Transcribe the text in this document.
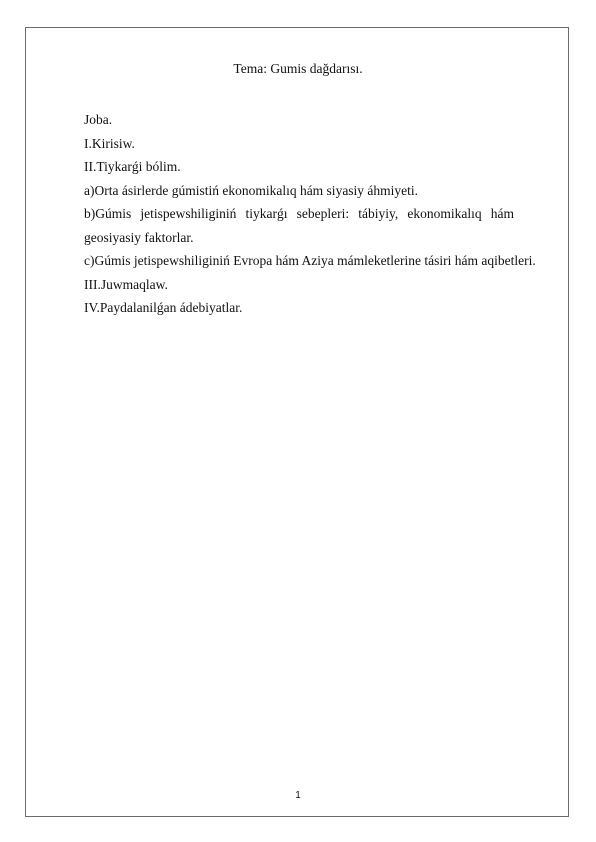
Tema: Gumis dağdarısı.
Joba.
I.Kirisiw.
II.Tiykarǵi bólim.
a)Orta ásirlerde gúmistiń ekonomikalıq hám siyasiy áhmiyeti.
b)Gúmis jetispewshiliginiń tiykarǵı sebepleri: tábiyiy, ekonomikalıq hám
geosiyasiy faktorlar.
c)Gúmis jetispewshiliginiń Evropa hám Aziya mámleketlerine tásiri hám aqibetleri.
III.Juwmaqlaw.
IV.Paydalanilǵan ádebiyatlar.
1
